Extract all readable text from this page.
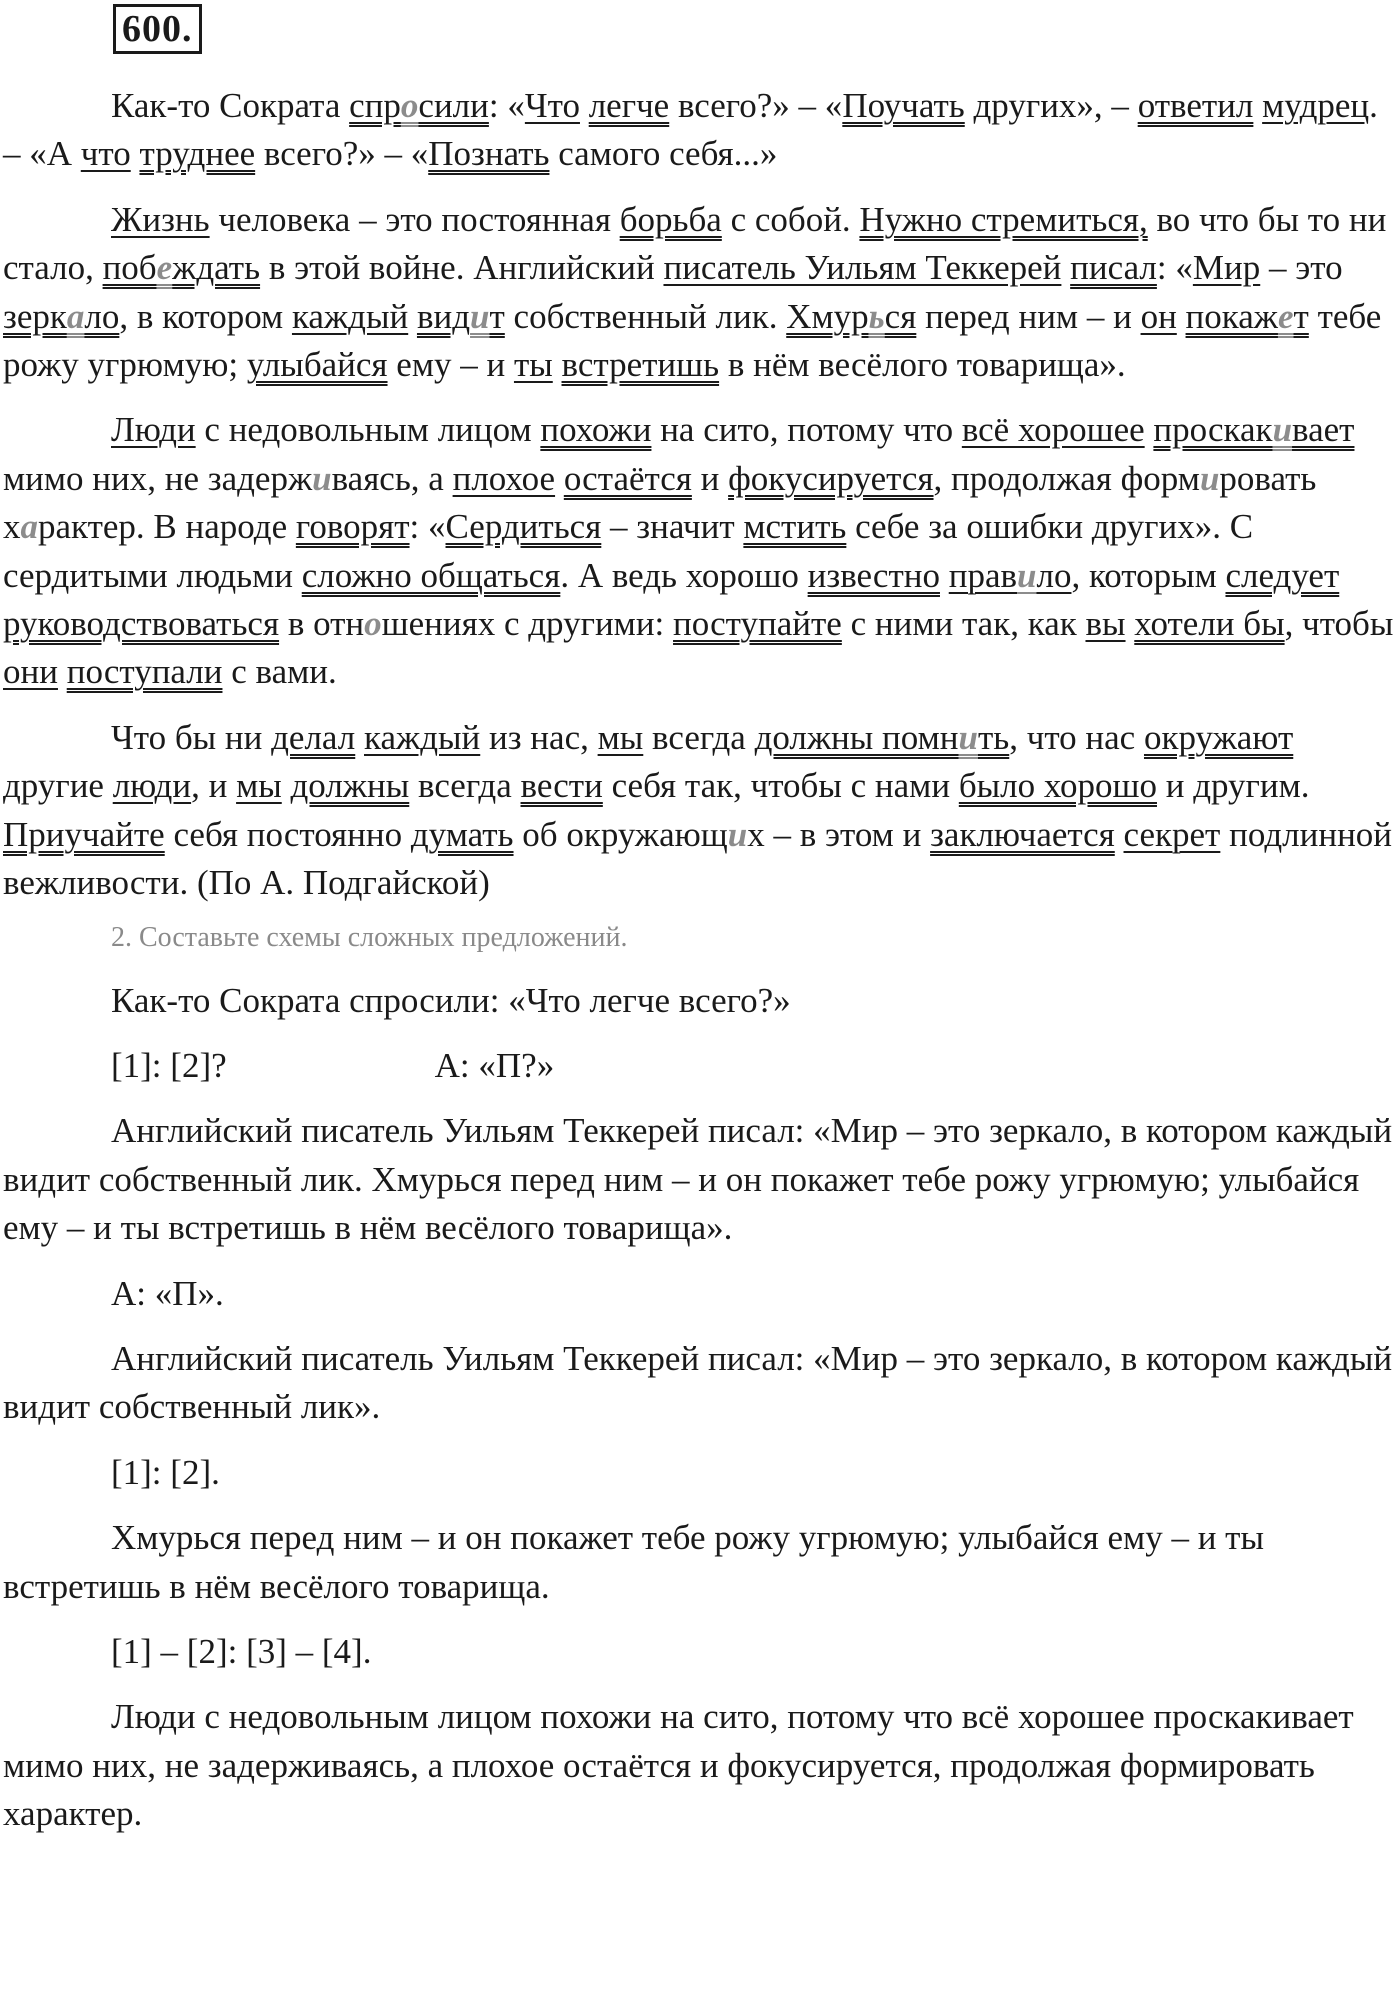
600.

Как-то Сократа спросили: «Что легче всего?» – «Поучать других», – ответил мудрец. – «А что труднее всего?» – «Познать самого себя...»

Жизнь человека – это постоянная борьба с собой. Нужно стремиться, во что бы то ни стало, побеждать в этой войне. Английский писатель Уильям Теккерей писал: «Мир – это зеркало, в котором каждый видит собственный лик. Хмурься перед ним – и он покажет тебе рожу угрюмую; улыбайся ему – и ты встретишь в нём весёлого товарища».

Люди с недовольным лицом похожи на сито, потому что всё хорошее проскакивает мимо них, не задерживаясь, а плохое остаётся и фокусируется, продолжая формировать характер. В народе говорят: «Сердиться – значит мстить себе за ошибки других». С сердитыми людьми сложно общаться. А ведь хорошо известно правило, которым следует руководствоваться в отношениях с другими: поступайте с ними так, как вы хотели бы, чтобы они поступали с вами.

Что бы ни делал каждый из нас, мы всегда должны помнить, что нас окружают другие люди, и мы должны всегда вести себя так, чтобы с нами было хорошо и другим. Приучайте себя постоянно думать об окружающих – в этом и заключается секрет подлинной вежливости. (По А. Подгайской)

2. Составьте схемы сложных предложений.

Как-то Сократа спросили: «Что легче всего?»

[1]: [2]?	А: «П?»

Английский писатель Уильям Теккерей писал: «Мир – это зеркало, в котором каждый видит собственный лик. Хмурься перед ним – и он покажет тебе рожу угрюмую; улыбайся ему – и ты встретишь в нём весёлого товарища».

А: «П».

Английский писатель Уильям Теккерей писал: «Мир – это зеркало, в котором каждый видит собственный лик».

[1]: [2].

Хмурься перед ним – и он покажет тебе рожу угрюмую; улыбайся ему – и ты встретишь в нём весёлого товарища.

[1] – [2]: [3] – [4].

Люди с недовольным лицом похожи на сито, потому что всё хорошее проскакивает мимо них, не задерживаясь, а плохое остаётся и фокусируется, продолжая формировать характер.
